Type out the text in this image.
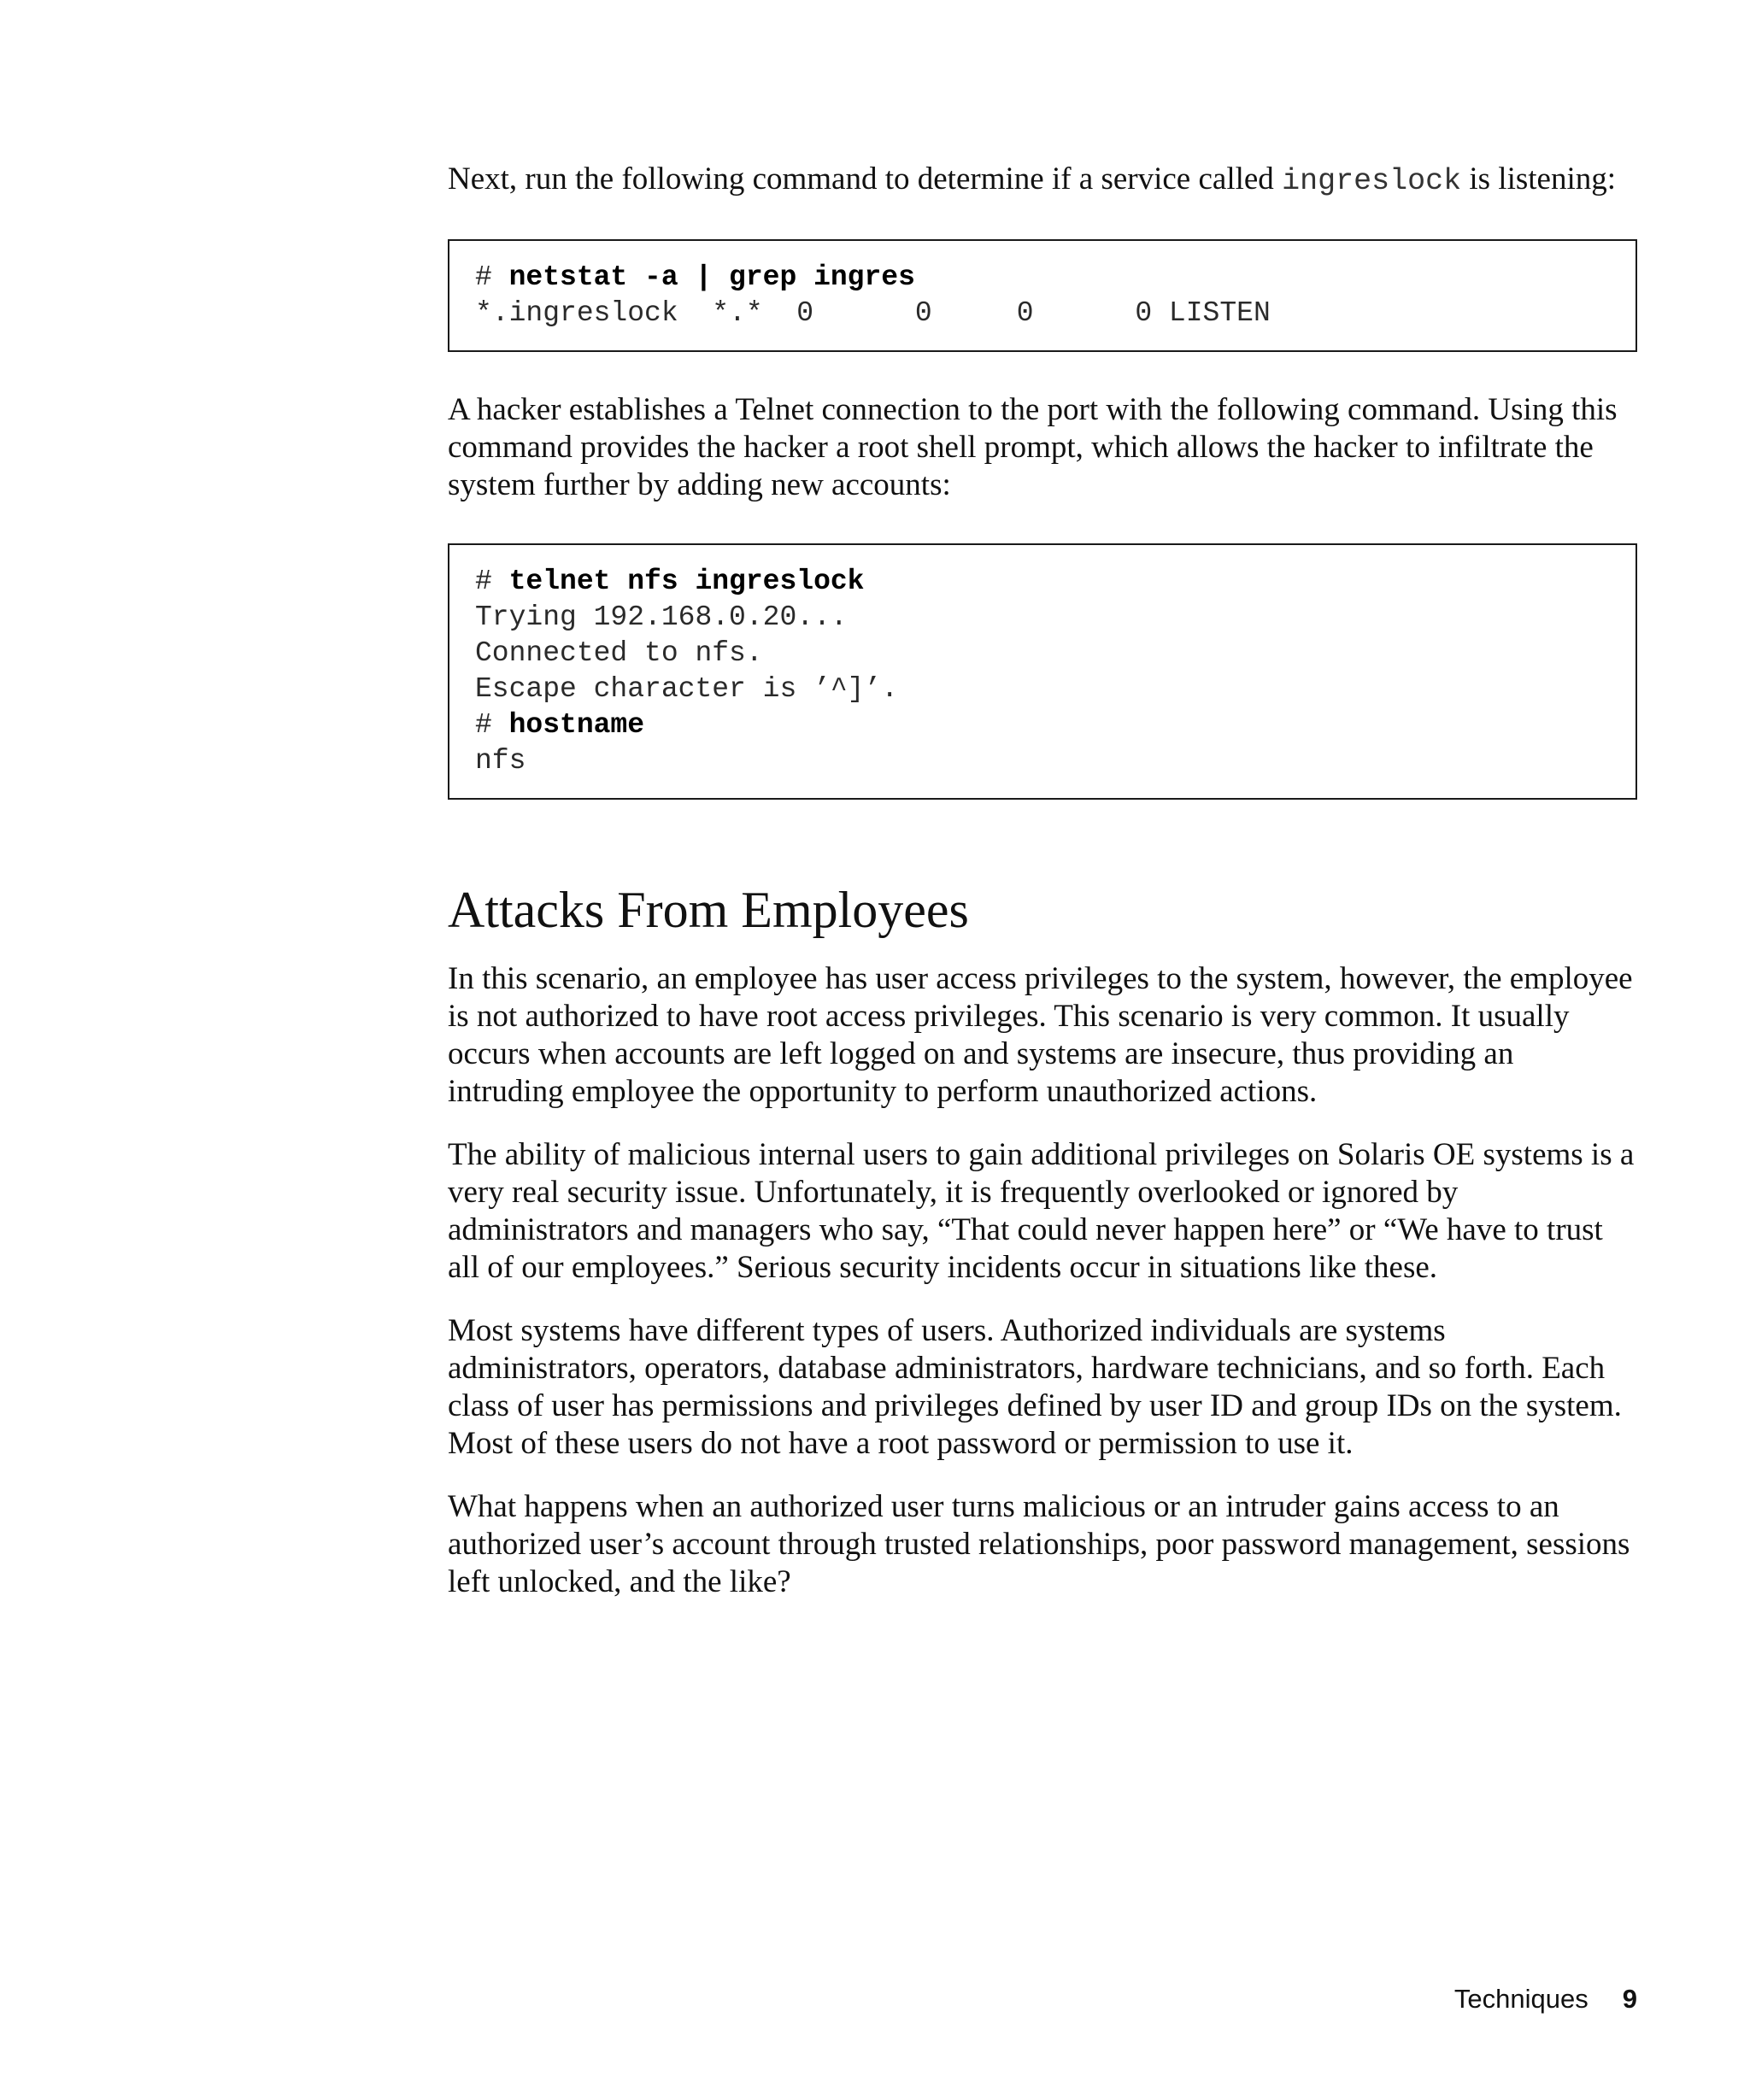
Next, run the following command to determine if a service called ingreslock is listening:

# netstat -a | grep ingres
*.ingreslock  *.*  0      0     0      0 LISTEN

A hacker establishes a Telnet connection to the port with the following command. Using this command provides the hacker a root shell prompt, which allows the hacker to infiltrate the system further by adding new accounts:

# telnet nfs ingreslock
Trying 192.168.0.20...
Connected to nfs.
Escape character is ’^]’.
# hostname
nfs
Attacks From Employees

In this scenario, an employee has user access privileges to the system, however, the employee is not authorized to have root access privileges. This scenario is very common. It usually occurs when accounts are left logged on and systems are insecure, thus providing an intruding employee the opportunity to perform unauthorized actions.

The ability of malicious internal users to gain additional privileges on Solaris OE systems is a very real security issue. Unfortunately, it is frequently overlooked or ignored by administrators and managers who say, “That could never happen here” or “We have to trust all of our employees.” Serious security incidents occur in situations like these.

Most systems have different types of users. Authorized individuals are systems administrators, operators, database administrators, hardware technicians, and so forth. Each class of user has permissions and privileges defined by user ID and group IDs on the system. Most of these users do not have a root password or permission to use it.

What happens when an authorized user turns malicious or an intruder gains access to an authorized user’s account through trusted relationships, poor password management, sessions left unlocked, and the like?

Techniques 9
